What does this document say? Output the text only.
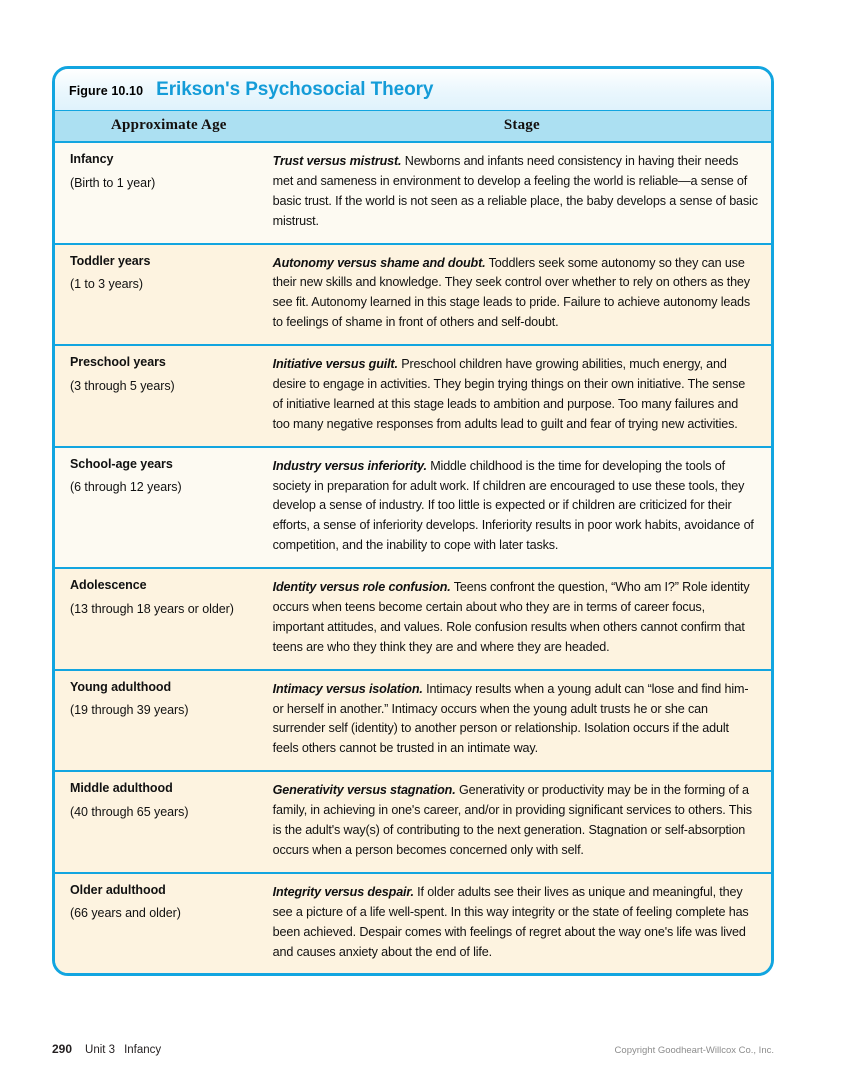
Figure 10.10 Erikson's Psychosocial Theory
Approximate Age	Stage

Infancy
(Birth to 1 year)	Trust versus mistrust. Newborns and infants need consistency in having their needs met and sameness in environment to develop a feeling the world is reliable—a sense of basic trust. If the world is not seen as a reliable place, the baby develops a sense of basic mistrust.

Toddler years
(1 to 3 years)	Autonomy versus shame and doubt. Toddlers seek some autonomy so they can use their new skills and knowledge. They seek control over whether to rely on others as they see fit. Autonomy learned in this stage leads to pride. Failure to achieve autonomy leads to feelings of shame in front of others and self-doubt.

Preschool years
(3 through 5 years)	Initiative versus guilt. Preschool children have growing abilities, much energy, and desire to engage in activities. They begin trying things on their own initiative. The sense of initiative learned at this stage leads to ambition and purpose. Too many failures and too many negative responses from adults lead to guilt and fear of trying new activities.

School-age years
(6 through 12 years)	Industry versus inferiority. Middle childhood is the time for developing the tools of society in preparation for adult work. If children are encouraged to use these tools, they develop a sense of industry. If too little is expected or if children are criticized for their efforts, a sense of inferiority develops. Inferiority results in poor work habits, avoidance of competition, and the inability to cope with later tasks.

Adolescence
(13 through 18 years or older)	Identity versus role confusion. Teens confront the question, “Who am I?” Role identity occurs when teens become certain about who they are in terms of career focus, important attitudes, and values. Role confusion results when others cannot confirm that teens are who they think they are and where they are headed.

Young adulthood
(19 through 39 years)	Intimacy versus isolation. Intimacy results when a young adult can “lose and find him- or herself in another.” Intimacy occurs when the young adult trusts he or she can surrender self (identity) to another person or relationship. Isolation occurs if the adult feels others cannot be trusted in an intimate way.

Middle adulthood
(40 through 65 years)	Generativity versus stagnation. Generativity or productivity may be in the forming of a family, in achieving in one's career, and/or in providing significant services to others. This is the adult's way(s) of contributing to the next generation. Stagnation or self-absorption occurs when a person becomes concerned only with self.

Older adulthood
(66 years and older)	Integrity versus despair. If older adults see their lives as unique and meaningful, they see a picture of a life well-spent. In this way integrity or the state of feeling complete has been achieved. Despair comes with feelings of regret about the way one's life was lived and causes anxiety about the end of life.
290 Unit 3 Infancy	Copyright Goodheart-Willcox Co., Inc.
